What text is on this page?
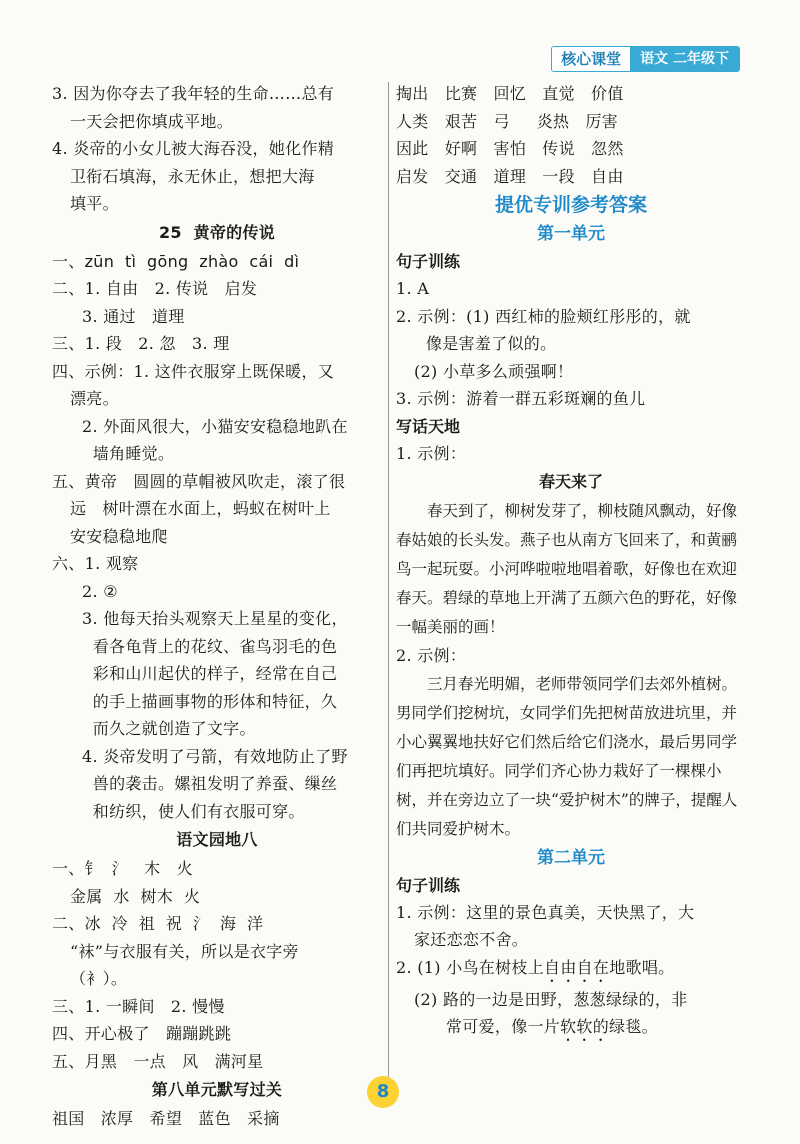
核心课堂	语文 二年级下
3. 因为你夺去了我年轻的生命……总有
一天会把你填成平地。
4. 炎帝的小女儿被大海吞没，她化作精
卫衔石填海，永无休止，想把大海
填平。
25  黄帝的传说
一、zūn  tì  gōng  zhào  cái  dì
二、1. 自由   2. 传说   启发
3. 通过   道理
三、1. 段   2. 忽   3. 理
四、示例：1. 这件衣服穿上既保暖，又
漂亮。
2. 外面风很大，小猫安安稳稳地趴在
墙角睡觉。
五、黄帝   圆圆的草帽被风吹走，滚了很
远   树叶漂在水面上，蚂蚁在树叶上
安安稳稳地爬
六、1. 观察
2. ②
3. 他每天抬头观察天上星星的变化，
看各龟背上的花纹、雀鸟羽毛的色
彩和山川起伏的样子，经常在自己
的手上描画事物的形体和特征，久
而久之就创造了文字。
4. 炎帝发明了弓箭，有效地防止了野
兽的袭击。嫘祖发明了养蚕、缫丝
和纺织，使人们有衣服可穿。
语文园地八
一、钅  氵   木   火
金属  水  树木  火
二、冰  冷  祖  祝  氵  海  洋
“袜”与衣服有关，所以是衣字旁
（衤）。
三、1. 一瞬间   2. 慢慢
四、开心极了   蹦蹦跳跳
五、月黑   一点   风   满河星
第八单元默写过关
祖国   浓厚   希望   蓝色   采摘
掏出   比赛   回忆   直觉   价值
人类   艰苦   弓     炎热   厉害
因此   好啊   害怕   传说   忽然
启发   交通   道理   一段   自由
提优专训参考答案
第一单元
句子训练
1. A
2. 示例：(1) 西红柿的脸颊红彤彤的，就
像是害羞了似的。
(2) 小草多么顽强啊！
3. 示例：游着一群五彩斑斓的鱼儿
写话天地
1. 示例：
春天来了
春天到了，柳树发芽了，柳枝随风飘动，好像春姑娘的长头发。燕子也从南方飞回来了，和黄鹂鸟一起玩耍。小河哗啦啦地唱着歌，好像也在欢迎春天。碧绿的草地上开满了五颜六色的野花，好像一幅美丽的画！
2. 示例：
三月春光明媚，老师带领同学们去郊外植树。男同学们挖树坑，女同学们先把树苗放进坑里，并小心翼翼地扶好它们然后给它们浇水，最后男同学们再把坑填好。同学们齐心协力栽好了一棵棵小树，并在旁边立了一块“爱护树木”的牌子，提醒人们共同爱护树木。
第二单元
句子训练
1. 示例：这里的景色真美，天快黑了，大
家还恋恋不舍。
2. (1) 小鸟在树枝上自由自在地歌唱。
(2) 路的一边是田野，葱葱绿绿的，非
常可爱，像一片软软的绿毯。
8
